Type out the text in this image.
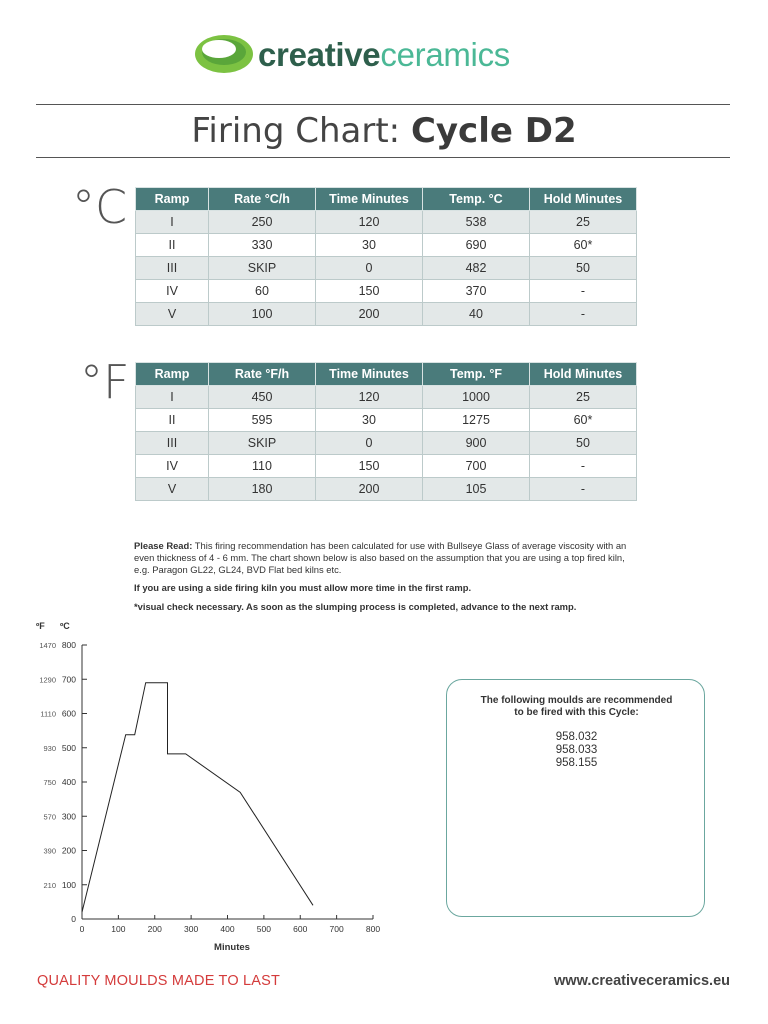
creativeceramics
Firing Chart: Cycle D2
°C Ramp	Rate °C/h	Time Minutes	Temp. °C	Hold Minutes
I	250	120	538	25
II	330	30	690	60*
III	SKIP	0	482	50
IV	60	150	370	-
V	100	200	40	-
°F Ramp	Rate °F/h	Time Minutes	Temp. °F	Hold Minutes
I	450	120	1000	25
II	595	30	1275	60*
III	SKIP	0	900	50
IV	110	150	700	-
V	180	200	105	-
Please Read: This firing recommendation has been calculated for use with Bullseye Glass of average viscosity with an even thickness of 4 - 6 mm. The chart shown below is also based on the assumption that you are using a top fired kiln, e.g. Paragon GL22, GL24, BVD Flat bed kilns etc.
If you are using a side firing kiln you must allow more time in the first ramp.
*visual check necessary. As soon as the slumping process is completed, advance to the next ramp.
ºF ºC
0
100
210
200
390
300
570
400
750
500
930
600
1110
700
1290
800
1470
0	100	200	300	400	500	600	700	800
Minutes
The following moulds are recommended
to be fired with this Cycle:
958.032
958.033
958.155
QUALITY MOULDS MADE TO LAST	www.creativeceramics.eu
